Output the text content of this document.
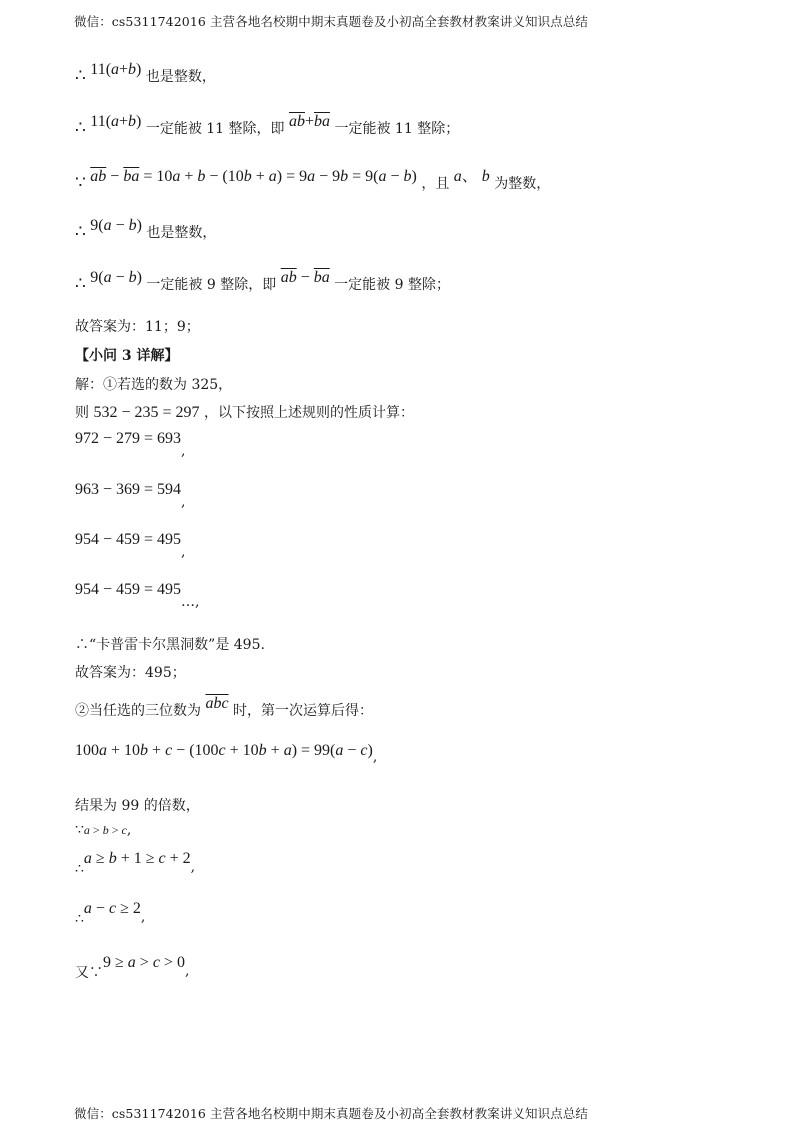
微信：cs5311742016 主营各地名校期中期末真题卷及小初高全套教材教案讲义知识点总结
∴ 11(a+b) 也是整数，
∴ 11(a+b) 一定能被 11 整除，即 $\overline{ab}+\overline{ba}$ 一定能被 11 整除；
∵ $\overline{ab} - \overline{ba} = 10a + b - (10b + a) = 9a - 9b = 9(a - b)$ ，且 a、 b 为整数，
∴ 9(a − b) 也是整数，
∴ 9(a − b) 一定能被 9 整除，即 $\overline{ab} - \overline{ba}$ 一定能被 9 整除；
故答案为：11；9；
【小问 3 详解】
解：①若选的数为 325，
则 532 − 235 = 297 ，以下按照上述规则的性质计算：
972 − 279 = 693,
963 − 369 = 594,
954 − 459 = 495,
954 − 459 = 495…,
∴“卡普雷卡尔黑洞数”是 495.
故答案为：495；
②当任选的三位数为 $\overline{abc}$ 时，第一次运算后得：
100a + 10b + c − (100c + 10b + a) = 99(a − c),
结果为 99 的倍数，
∵a > b > c,
∴a ≥ b + 1 ≥ c + 2,
∴a − c ≥ 2,
又∵9 ≥ a > c > 0,
微信：cs5311742016 主营各地名校期中期末真题卷及小初高全套教材教案讲义知识点总结
